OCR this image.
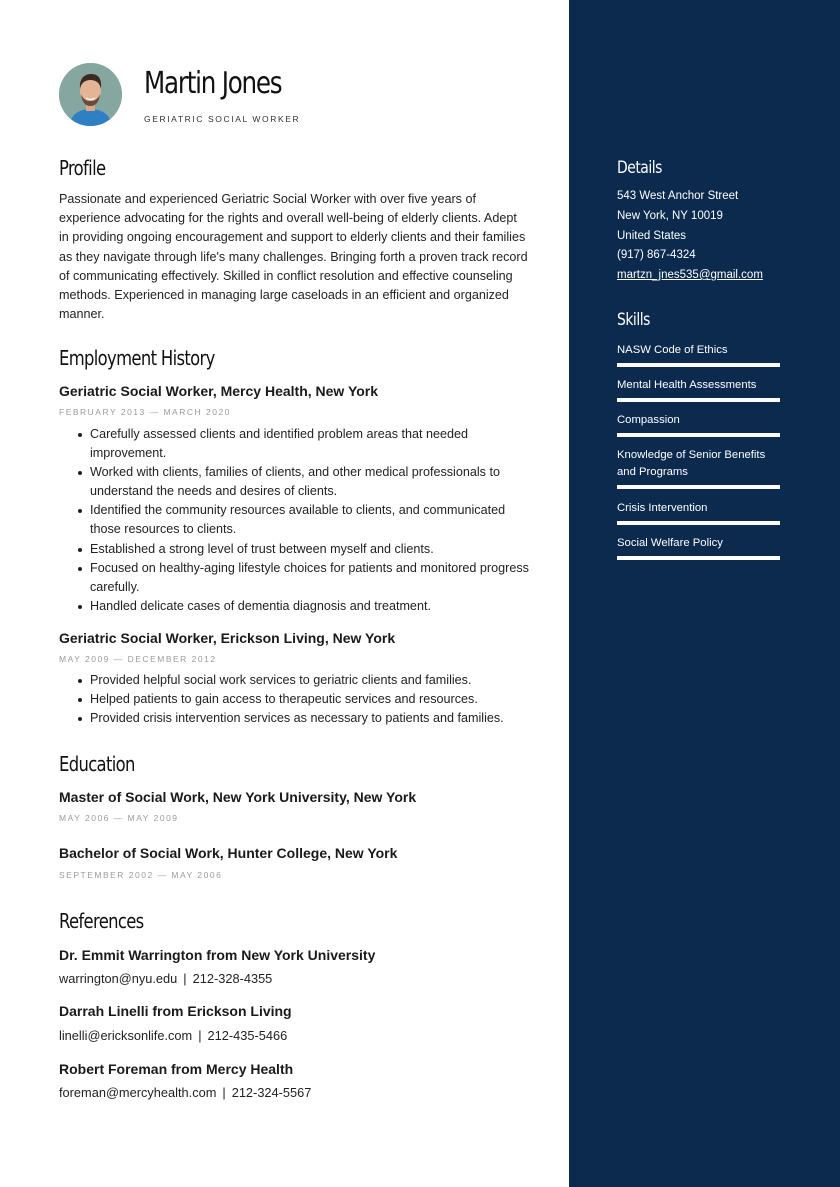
Martin Jones
GERIATRIC SOCIAL WORKER
Profile
Passionate and experienced Geriatric Social Worker with over five years of experience advocating for the rights and overall well-being of elderly clients. Adept in providing ongoing encouragement and support to elderly clients and their families as they navigate through life's many challenges. Bringing forth a proven track record of communicating effectively. Skilled in conflict resolution and effective counseling methods. Experienced in managing large caseloads in an efficient and organized manner.
Employment History
Geriatric Social Worker, Mercy Health, New York
FEBRUARY 2013 — MARCH 2020
Carefully assessed clients and identified problem areas that needed improvement.
Worked with clients, families of clients, and other medical professionals to understand the needs and desires of clients.
Identified the community resources available to clients, and communicated those resources to clients.
Established a strong level of trust between myself and clients.
Focused on healthy-aging lifestyle choices for patients and monitored progress carefully.
Handled delicate cases of dementia diagnosis and treatment.
Geriatric Social Worker, Erickson Living, New York
MAY 2009 — DECEMBER 2012
Provided helpful social work services to geriatric clients and families.
Helped patients to gain access to therapeutic services and resources.
Provided crisis intervention services as necessary to patients and families.
Education
Master of Social Work, New York University, New York
MAY 2006 — MAY 2009
Bachelor of Social Work, Hunter College, New York
SEPTEMBER 2002 — MAY 2006
References
Dr. Emmit Warrington from New York University
warrington@nyu.edu | 212-328-4355
Darrah Linelli from Erickson Living
linelli@ericksonlife.com | 212-435-5466
Robert Foreman from Mercy Health
foreman@mercyhealth.com | 212-324-5567
Details
543 West Anchor Street
New York, NY 10019
United States
(917) 867-4324
martzn_jnes535@gmail.com
Skills
NASW Code of Ethics
Mental Health Assessments
Compassion
Knowledge of Senior Benefits and Programs
Crisis Intervention
Social Welfare Policy
